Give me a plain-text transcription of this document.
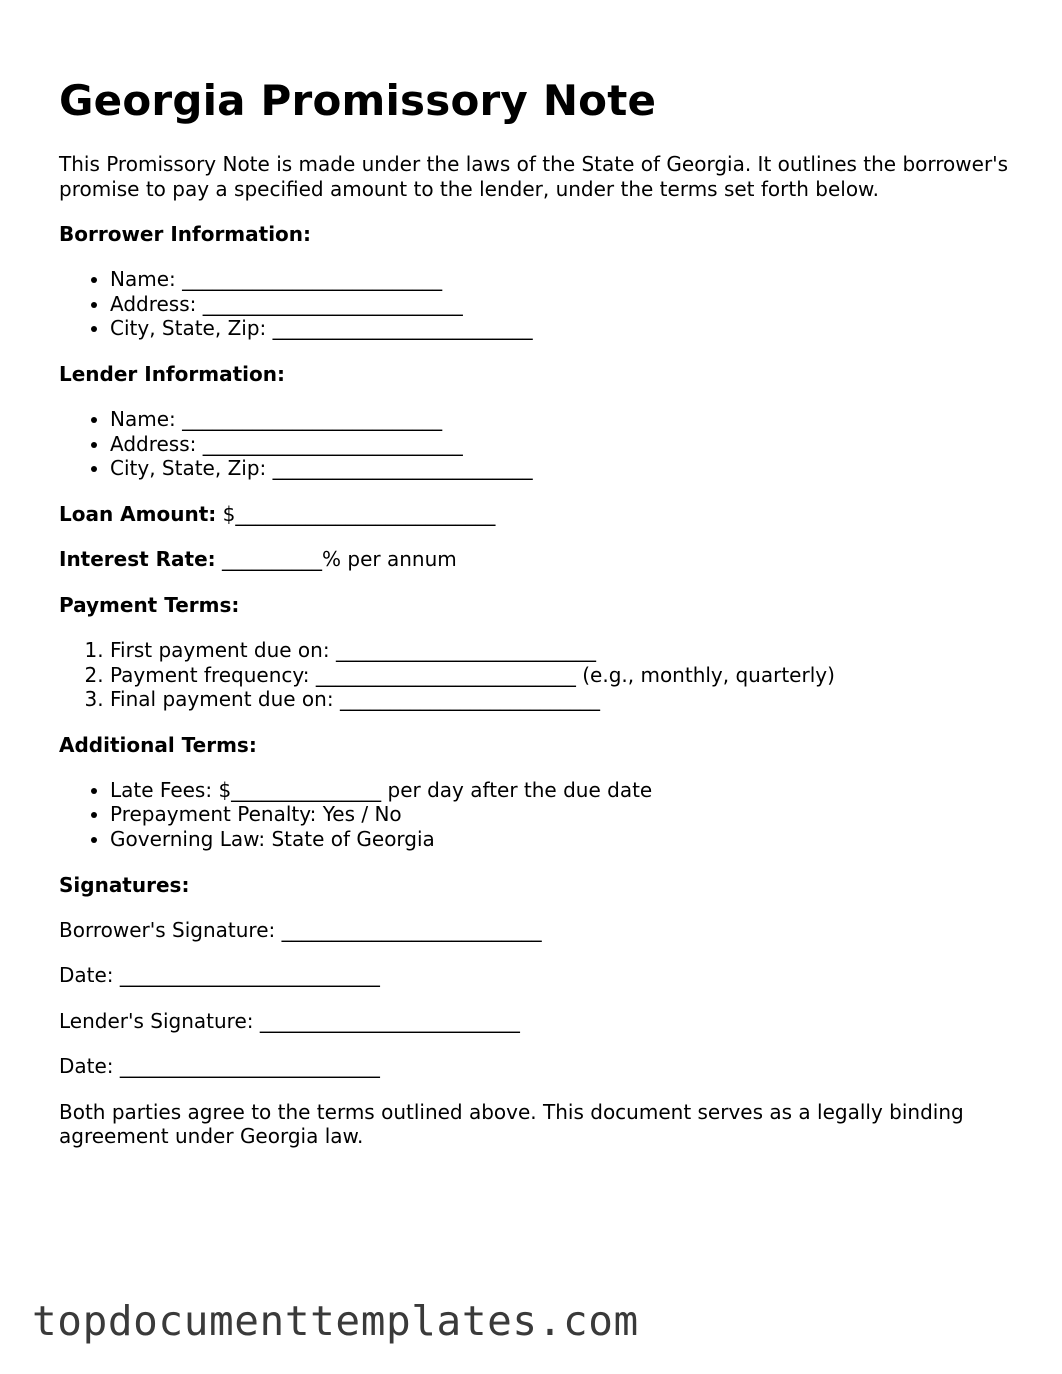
Georgia Promissory Note

This Promissory Note is made under the laws of the State of Georgia. It outlines the borrower's promise to pay a specified amount to the lender, under the terms set forth below.

Borrower Information:

• Name: __________________________
• Address: __________________________
• City, State, Zip: __________________________

Lender Information:

• Name: __________________________
• Address: __________________________
• City, State, Zip: __________________________

Loan Amount: $__________________________

Interest Rate: __________% per annum

Payment Terms:

1. First payment due on: __________________________
2. Payment frequency: __________________________ (e.g., monthly, quarterly)
3. Final payment due on: __________________________

Additional Terms:

• Late Fees: $_______________ per day after the due date
• Prepayment Penalty: Yes / No
• Governing Law: State of Georgia

Signatures:

Borrower's Signature: __________________________

Date: __________________________

Lender's Signature: __________________________

Date: __________________________

Both parties agree to the terms outlined above. This document serves as a legally binding agreement under Georgia law.

topdocumenttemplates.com
